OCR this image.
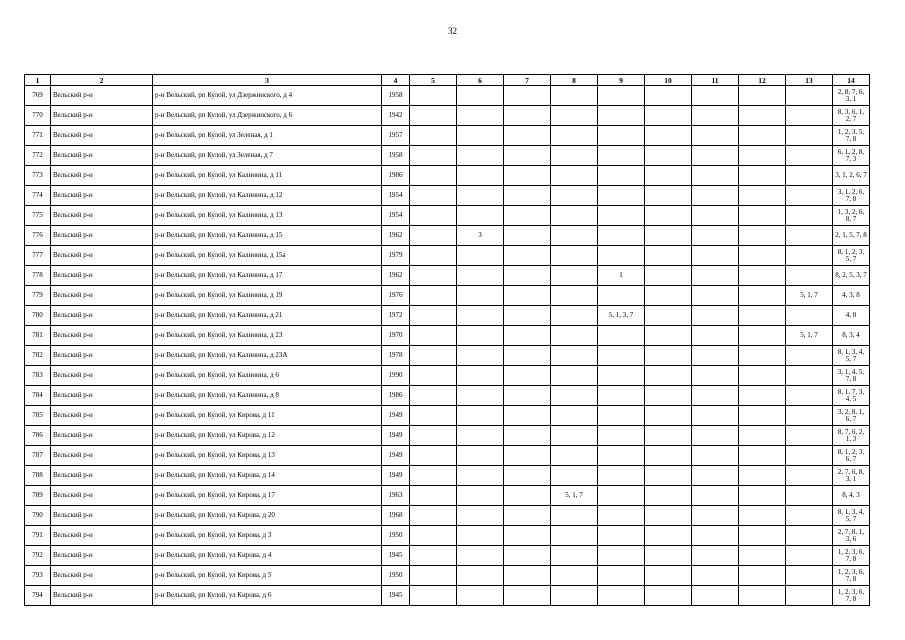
32
1	2	3	4	5	6	7	8	9	10	11	12	13	14
769	Вельский р-н	р-н Вельский, рп Кулой, ул Дзержинского, д 4	1958										2, 8, 7, 6, 3, 1
770	Вельский р-н	р-н Вельский, рп Кулой, ул Дзержинского, д 6	1942										8, 3, 6, 1, 2, 7
771	Вельский р-н	р-н Вельский, рп Кулой, ул Зеленая, д 1	1957										1, 2, 3, 5, 7, 8
772	Вельский р-н	р-н Вельский, рп Кулой, ул Зеленая, д 7	1958										6, 1, 2, 8, 7, 3
773	Вельский р-н	р-н Вельский, рп Кулой, ул Калинина, д 11	1986										3, 1, 2, 6, 7
774	Вельский р-н	р-н Вельский, рп Кулой, ул Калинина, д 12	1954										3, 1, 2, 6, 7, 8
775	Вельский р-н	р-н Вельский, рп Кулой, ул Калинина, д 13	1954										1, 3, 2, 6, 8, 7
776	Вельский р-н	р-н Вельский, рп Кулой, ул Калинина, д 15	1962		3								2, 1, 5, 7, 8
777	Вельский р-н	р-н Вельский, рп Кулой, ул Калинина, д 15а	1979										8, 1, 2, 3, 5, 7
778	Вельский р-н	р-н Вельский, рп Кулой, ул Калинина, д 17	1962					1					8, 2, 5, 3, 7
779	Вельский р-н	р-н Вельский, рп Кулой, ул Калинина, д 19	1976									5, 1, 7	4, 3, 8
780	Вельский р-н	р-н Вельский, рп Кулой, ул Калинина, д 21	1972					5, 1, 3, 7					4, 8
781	Вельский р-н	р-н Вельский, рп Кулой, ул Калинина, д 23	1970									5, 1, 7	8, 3, 4
782	Вельский р-н	р-н Вельский, рп Кулой, ул Калинина, д 23А	1978										8, 1, 3, 4, 5, 7
783	Вельский р-н	р-н Вельский, рп Кулой, ул Калинина, д 6	1990										3, 1, 4, 5, 7, 8
784	Вельский р-н	р-н Вельский, рп Кулой, ул Калинина, д 8	1986										8, 1, 7, 3, 4, 5
785	Вельский р-н	р-н Вельский, рп Кулой, ул Кирова, д 11	1949										3, 2, 8, 1, 6, 7
786	Вельский р-н	р-н Вельский, рп Кулой, ул Кирова, д 12	1949										8, 7, 6, 2, 1, 3
787	Вельский р-н	р-н Вельский, рп Кулой, ул Кирова, д 13	1949										8, 1, 2, 3, 6, 7
788	Вельский р-н	р-н Вельский, рп Кулой, ул Кирова, д 14	1949										2, 7, 6, 8, 3, 1
789	Вельский р-н	р-н Вельский, рп Кулой, ул Кирова, д 17	1963				5, 1, 7						8, 4, 3
790	Вельский р-н	р-н Вельский, рп Кулой, ул Кирова, д 20	1968										8, 1, 3, 4, 5, 7
791	Вельский р-н	р-н Вельский, рп Кулой, ул Кирова, д 3	1950										2, 7, 8, 1, 3, 6
792	Вельский р-н	р-н Вельский, рп Кулой, ул Кирова, д 4	1945										1, 2, 3, 6, 7, 8
793	Вельский р-н	р-н Вельский, рп Кулой, ул Кирова, д 5	1950										1, 2, 3, 6, 7, 8
794	Вельский р-н	р-н Вельский, рп Кулой, ул Кирова, д 6	1945										1, 2, 3, 6, 7, 8
